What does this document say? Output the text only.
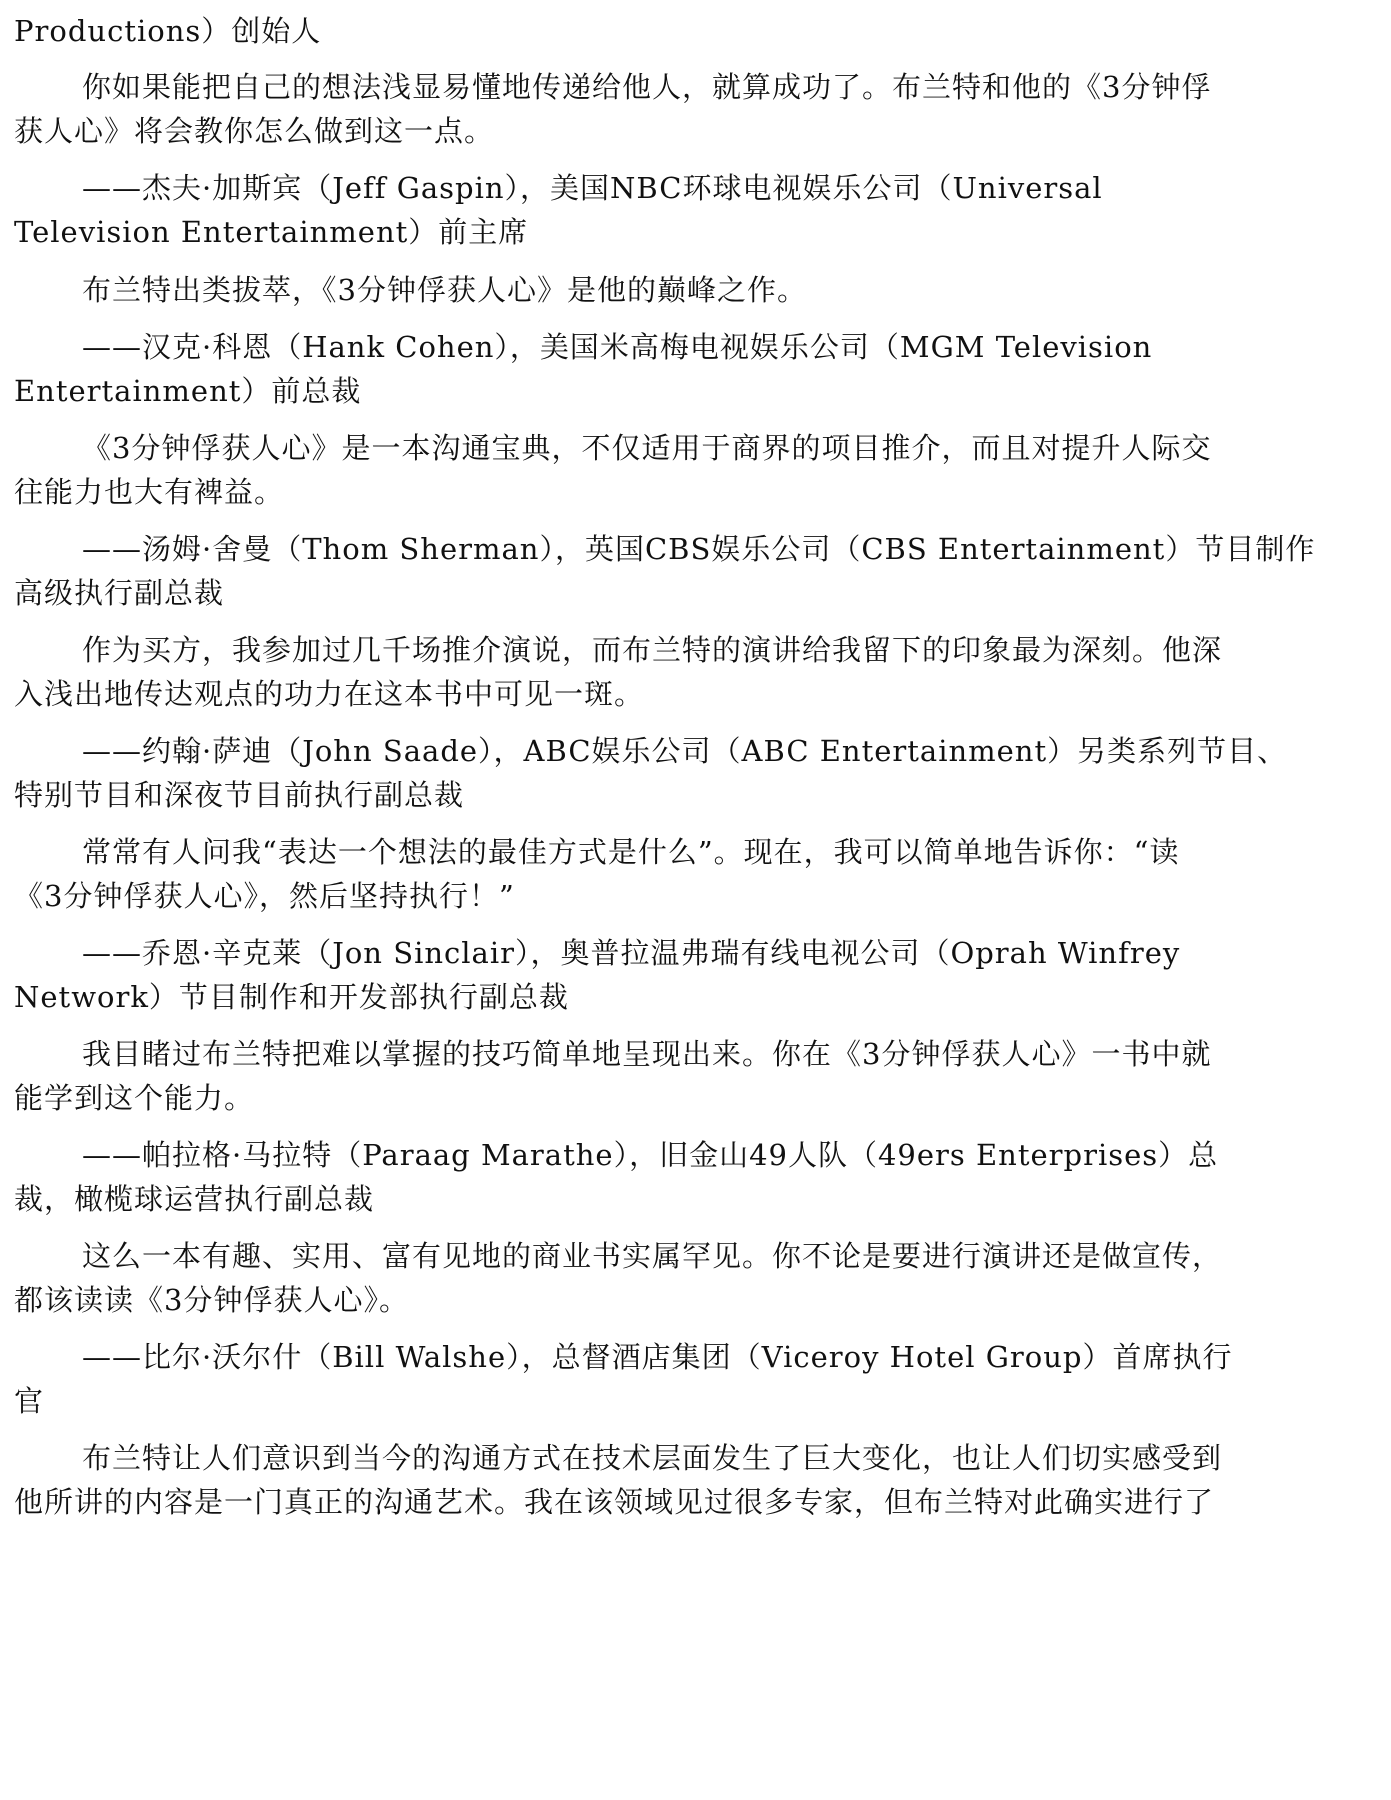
Productions）创始人

你如果能把自己的想法浅显易懂地传递给他人，就算成功了。布兰特和他的《3分钟俘

获人心》将会教你怎么做到这一点。

——杰夫·加斯宾（Jeff Gaspin），美国NBC环球电视娱乐公司（Universal

Television Entertainment）前主席

布兰特出类拔萃，《3分钟俘获人心》是他的巅峰之作。

——汉克·科恩（Hank Cohen），美国米高梅电视娱乐公司（MGM Television

Entertainment）前总裁

《3分钟俘获人心》是一本沟通宝典，不仅适用于商界的项目推介，而且对提升人际交

往能力也大有裨益。

——汤姆·舍曼（Thom Sherman），英国CBS娱乐公司（CBS Entertainment）节目制作

高级执行副总裁

作为买方，我参加过几千场推介演说，而布兰特的演讲给我留下的印象最为深刻。他深

入浅出地传达观点的功力在这本书中可见一斑。

——约翰·萨迪（John Saade），ABC娱乐公司（ABC Entertainment）另类系列节目、

特别节目和深夜节目前执行副总裁

常常有人问我“表达一个想法的最佳方式是什么”。现在，我可以简单地告诉你：“读

《3分钟俘获人心》，然后坚持执行！”

——乔恩·辛克莱（Jon Sinclair），奥普拉温弗瑞有线电视公司（Oprah Winfrey

Network）节目制作和开发部执行副总裁

我目睹过布兰特把难以掌握的技巧简单地呈现出来。你在《3分钟俘获人心》一书中就

能学到这个能力。

——帕拉格·马拉特（Paraag Marathe），旧金山49人队（49ers Enterprises）总

裁，橄榄球运营执行副总裁

这么一本有趣、实用、富有见地的商业书实属罕见。你不论是要进行演讲还是做宣传，

都该读读《3分钟俘获人心》。

——比尔·沃尔什（Bill Walshe），总督酒店集团（Viceroy Hotel Group）首席执行

官

布兰特让人们意识到当今的沟通方式在技术层面发生了巨大变化，也让人们切实感受到

他所讲的内容是一门真正的沟通艺术。我在该领域见过很多专家，但布兰特对此确实进行了
